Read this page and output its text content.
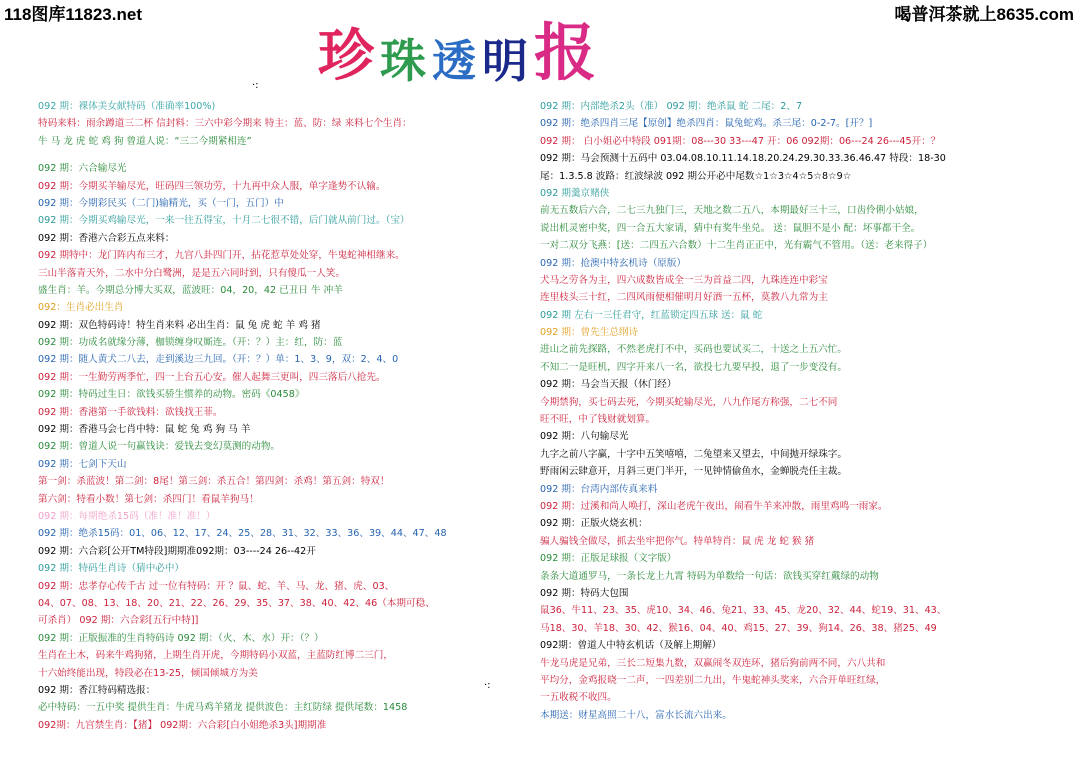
118图库11823.net	喝普洱茶就上8635.com
珍 珠 透 明 报
·:
·:
092 期：裸体美女献特码（准确率100%)
特码来料：雨余蹲道三二杯 信封料：三六中彩今期来 特主：蓝、防：绿 来料七个生肖：
牛 马 龙 虎 蛇 鸡 狗 曾道人说：“三二今期紧相连”
092 期：六合输尽光
092 期：今期买羊输尽光，旺码四三领功劳，十九再中众人服，单字逢势不认输。
092 期：今期彩民买（二门)输精光，买（一门，五门）中
092 期：今期买鸡输尽光，一来一往五得宝，十月二七很不错，后门就从前门过。（宝）
092 期：香港六合彩五点来料：
092 期特中：龙门阵内布三才，九宫八卦四门开，拈花惹草处处穿，牛鬼蛇神相继来。
三山半落青天外，二水中分白鹭洲，是是五六同时到，只有傻瓜一人笑。
盛生肖：羊。今期总分博大买双，蓝波旺：04，20，42 已丑日 牛 冲羊
092：生肖必出生肖
092 期：双色特码诗！特生肖来料 必出生肖：鼠 兔 虎 蛇 羊 鸡 猪
092 期：功成名就缘分薄，枷锁缠身叹厮连。（开：？）主：红，防：蓝
092 期：随人黄犬二八去，走到溪边三九回。（开：？）单：1、3、9，双：2、4、0
092 期：一生勤劳两季忙，四一上台五心安。催人起舞三更叫，四三落后八抢先。
092 期：特码过生日：欲钱买骄生惯养的动物。密码《0458》
092 期：香港第一手欲钱料：欲钱找王菲。
092 期：香港马会七肖中特：鼠 蛇 兔 鸡 狗 马 羊
092 期：曾道人说一句赢钱诀：爱钱去变幻莫测的动物。
092 期：七剑下天山
第一剑：杀蓝波！第二剑：8尾！第三剑：杀五合！第四剑：杀鸡！第五剑：特双！
第六剑：特看小数！第七剑：杀四门！看鼠羊狗马！
092 期：每期绝杀15码（准！准！准！）
092 期：绝杀15码：01、06、12、17、24、25、28、31、32、33、36、39、44、47、48
092 期：六合彩[公开TM特段]期期准092期：03----24 26--42开
092 期：特码生肖诗（猜中必中）
092 期：忠孝存心传千古 过一位有特码：开 ？鼠、蛇、羊、马、龙、猪、虎、03、
04、07、08、13、18、20、21、22、26、29、35、37、38、40、42、46（本期可稳、
可杀肖） 092 期：六合彩[五行中特]]
092 期：正版振准的生肖特码诗 092 期：（火、木、水）开：（？）
生肖在土木，码来牛鸡狗猪，上期生肖开虎，今期特码小双蓝，主蓝防红博二三门，
十六始终能出现，特段必在13-25，倾国倾城方为美
092 期：香江特码精选报：
必中特码：一五中奖 提供生肖：牛虎马鸡羊猪龙 提供波色：主红防绿 提供尾数：1458
092期：九宫禁生肖：【猪】 092期：六合彩[白小姐绝杀3头]期期准
092 期：内部绝杀2头（准） 092 期：绝杀鼠 蛇 二尾：2、7
092 期：绝杀四肖三尾【原创】绝杀四肖：鼠兔蛇鸡。杀三尾：0-2-7。[开？]
092 期： 白小姐必中特段 091期：08---30 33---47 开：06 092期：06---24 26---45开：？
092 期：马会预测十五码中 03.04.08.10.11.14.18.20.24.29.30.33.36.46.47 特段：18-30
尾：1.3.5.8 波路：红波绿波 092 期公开必中尾数☆1☆3☆4☆5☆8☆9☆
092 期羹京赌侠
前无五数后六合，二七三九独门三，天地之数二五八，本期最好三十三，口齿伶俐小姑娘，
说出机灵密中奖，四一合五大家请，猜中有奖牛坐兑。 送：鼠胆不是小 配：坏事都干全。
一对二双分飞燕：[送：二四五六合数）十二生肖正正中，光有霸气不管用。（送：老来得子）
092 期：抢澳中特玄机诗（原版）
犬马之劳各为主，四六成数皆成全一三为首益二四，九珠连连中彩宝
连里枝头三十红，二四风雨便相催明月好酒一五杯，莫教八九常为主
092 期 左右一三任君守，红蓝锁定四五球 送：鼠 蛇
092 期：曾先生总纲诗
进山之前先探路，不然老虎打不中，买码也要试买二，十送之上五六忙。
不知二一是旺机，四字开来八一名，欲投七九要早投，退了一步变没有。
092 期：马会当天报（休门经）
今期禁狗，买七码去死，今期买蛇输尽光，八九作尾方称强，二七不同
旺不旺，中了钱财就划算。
092 期：八句输尽光
九字之前八字赢，十字中五笑嘻嘻，二兔望来又望去，中间抛开绿珠字。
野雨闲云肆意开，月斜三更门半开，一见钟情偷鱼水，金蝉脱壳任主裁。
092 期：台湾内部传真来料
092 期：过溪和尚人唤打，深山老虎午夜出，闹看牛羊来冲散，雨里鸡鸣一雨家。
092 期：正版火烧玄机：
骗人骗钱全做尽，抓去坐牢把你气。特单特肖：鼠 虎 龙 蛇 猴 猪
092 期：正版足球报（文字版）
条条大道通罗马，一条长龙上九霄 特码为单数给一句话：欲钱买穿红戴绿的动物
092 期：特码大包围
鼠36、牛11、23、35、虎10、34、46、兔21、33、45、龙20、32、44、蛇19、31、43、
马18、30、羊18、30、42、猴16、04、40、鸡15、27、39、狗14、26、38、猪25、49
092期：曾道人中特玄机话（及解上期解）
牛龙马虎是兄弟，三长二短集九数，双赢闹冬双连环，猪后狗前两不同，六八共和
平均分，金鸡报晓一二声，一四差别二九出，牛鬼蛇神头奖来，六合开单旺红绿，
一五收税不收四。
本期送：财星高照二十八，富水长流六出来。
